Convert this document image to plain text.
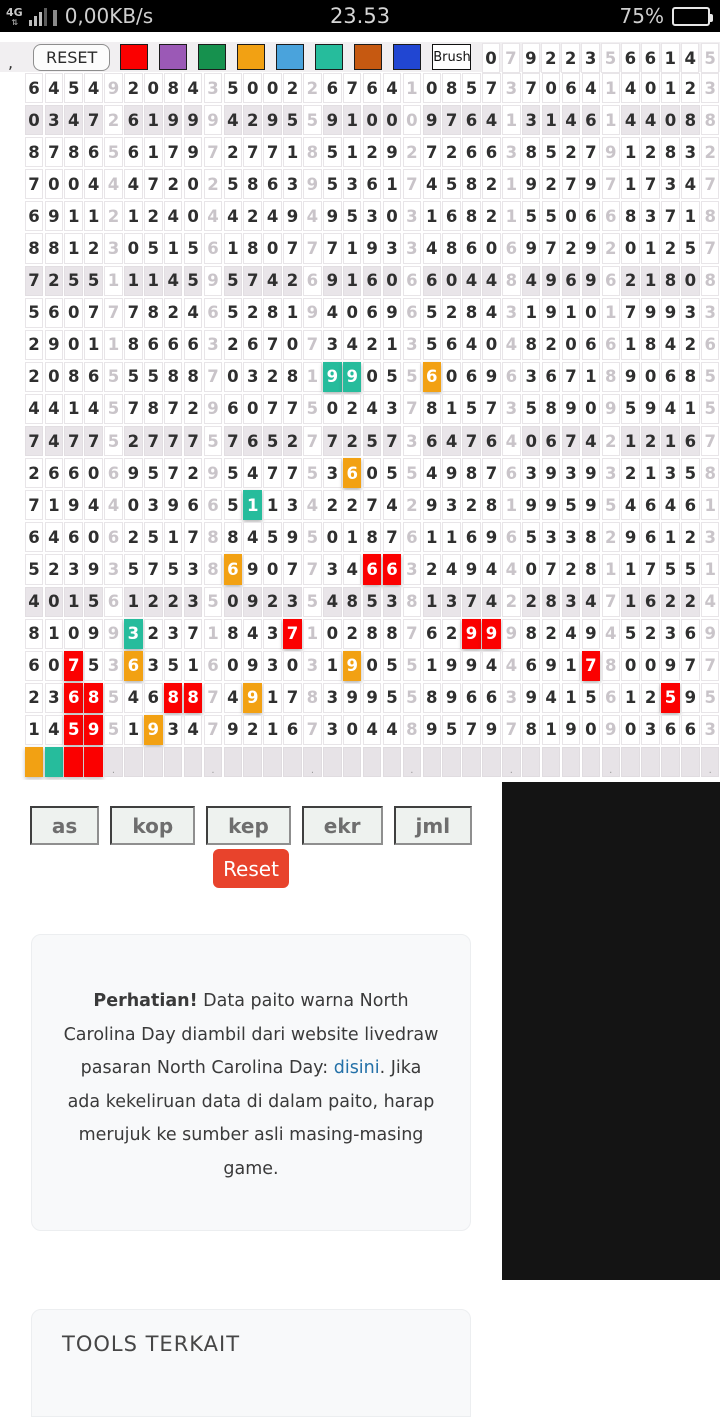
4G
⇅ 0,00KB/s	23.53	75%
,	RESET	Brush 0 7 9 2 2 3 5 6 6 1 4 5
6 4 5 4 9 2 0 8 4 3 5 0 0 2 2 6 7 6 4 1 0 8 5 7 3 7 0 6 4 1 4 0 1 2 3
0 3 4 7 2 6 1 9 9 9 4 2 9 5 5 9 1 0 0 0 9 7 6 4 1 3 1 4 6 1 4 4 0 8 8
8 7 8 6 5 6 1 7 9 7 2 7 7 1 8 5 1 2 9 2 7 2 6 6 3 8 5 2 7 9 1 2 8 3 2
7 0 0 4 4 4 7 2 0 2 5 8 6 3 9 5 3 6 1 7 4 5 8 2 1 9 2 7 9 7 1 7 3 4 7
6 9 1 1 2 1 2 4 0 4 4 2 4 9 4 9 5 3 0 3 1 6 8 2 1 5 5 0 6 6 8 3 7 1 8
8 8 1 2 3 0 5 1 5 6 1 8 0 7 7 7 1 9 3 3 4 8 6 0 6 9 7 2 9 2 0 1 2 5 7
7 2 5 5 1 1 1 4 5 9 5 7 4 2 6 9 1 6 0 6 6 0 4 4 8 4 9 6 9 6 2 1 8 0 8
5 6 0 7 7 7 8 2 4 6 5 2 8 1 9 4 0 6 9 6 5 2 8 4 3 1 9 1 0 1 7 9 9 3 3
2 9 0 1 1 8 6 6 6 3 2 6 7 0 7 3 4 2 1 3 5 6 4 0 4 8 2 0 6 6 1 8 4 2 6
2 0 8 6 5 5 5 8 8 7 0 3 2 8 1 9 9 0 5 5 6 0 6 9 6 3 6 7 1 8 9 0 6 8 5
4 4 1 4 5 7 8 7 2 9 6 0 7 7 5 0 2 4 3 7 8 1 5 7 3 5 8 9 0 9 5 9 4 1 5
7 4 7 7 5 2 7 7 7 5 7 6 5 2 7 7 2 5 7 3 6 4 7 6 4 0 6 7 4 2 1 2 1 6 7
2 6 6 0 6 9 5 7 2 9 5 4 7 7 5 3 6 0 5 5 4 9 8 7 6 3 9 3 9 3 2 1 3 5 8
7 1 9 4 4 0 3 9 6 6 5 1 1 3 4 2 2 7 4 2 9 3 2 8 1 9 9 5 9 5 4 6 4 6 1
6 4 6 0 6 2 5 1 7 8 8 4 5 9 5 0 1 8 7 6 1 1 6 9 6 5 3 3 8 2 9 6 1 2 3
5 2 3 9 3 5 7 5 3 8 6 9 0 7 7 3 4 6 6 3 2 4 9 4 4 0 7 2 8 1 1 7 5 5 1
4 0 1 5 6 1 2 2 3 5 0 9 2 3 5 4 8 5 3 8 1 3 7 4 2 2 8 3 4 7 1 6 2 2 4
8 1 0 9 9 3 2 3 7 1 8 4 3 7 1 0 2 8 8 7 6 2 9 9 9 8 2 4 9 4 5 2 3 6 9
6 0 7 5 3 6 3 5 1 6 0 9 3 0 3 1 9 0 5 5 1 9 9 4 4 6 9 1 7 8 0 0 9 7 7
2 3 6 8 5 4 6 8 8 7 4 9 1 7 8 3 9 9 5 5 8 9 6 6 3 9 4 1 5 6 1 2 5 9 5
1 4 5 9 5 1 9 3 4 7 9 2 1 6 7 3 0 4 4 8 9 5 7 9 7 8 1 9 0 9 0 3 6 6 3
.	.	.	.	.	.	.
as	kop	kep	ekr	jml
Reset
Perhatian! Data paito warna North Carolina Day diambil dari website livedraw pasaran North Carolina Day: disini. Jika ada kekeliruan data di dalam paito, harap merujuk ke sumber asli masing-masing game.
TOOLS TERKAIT
